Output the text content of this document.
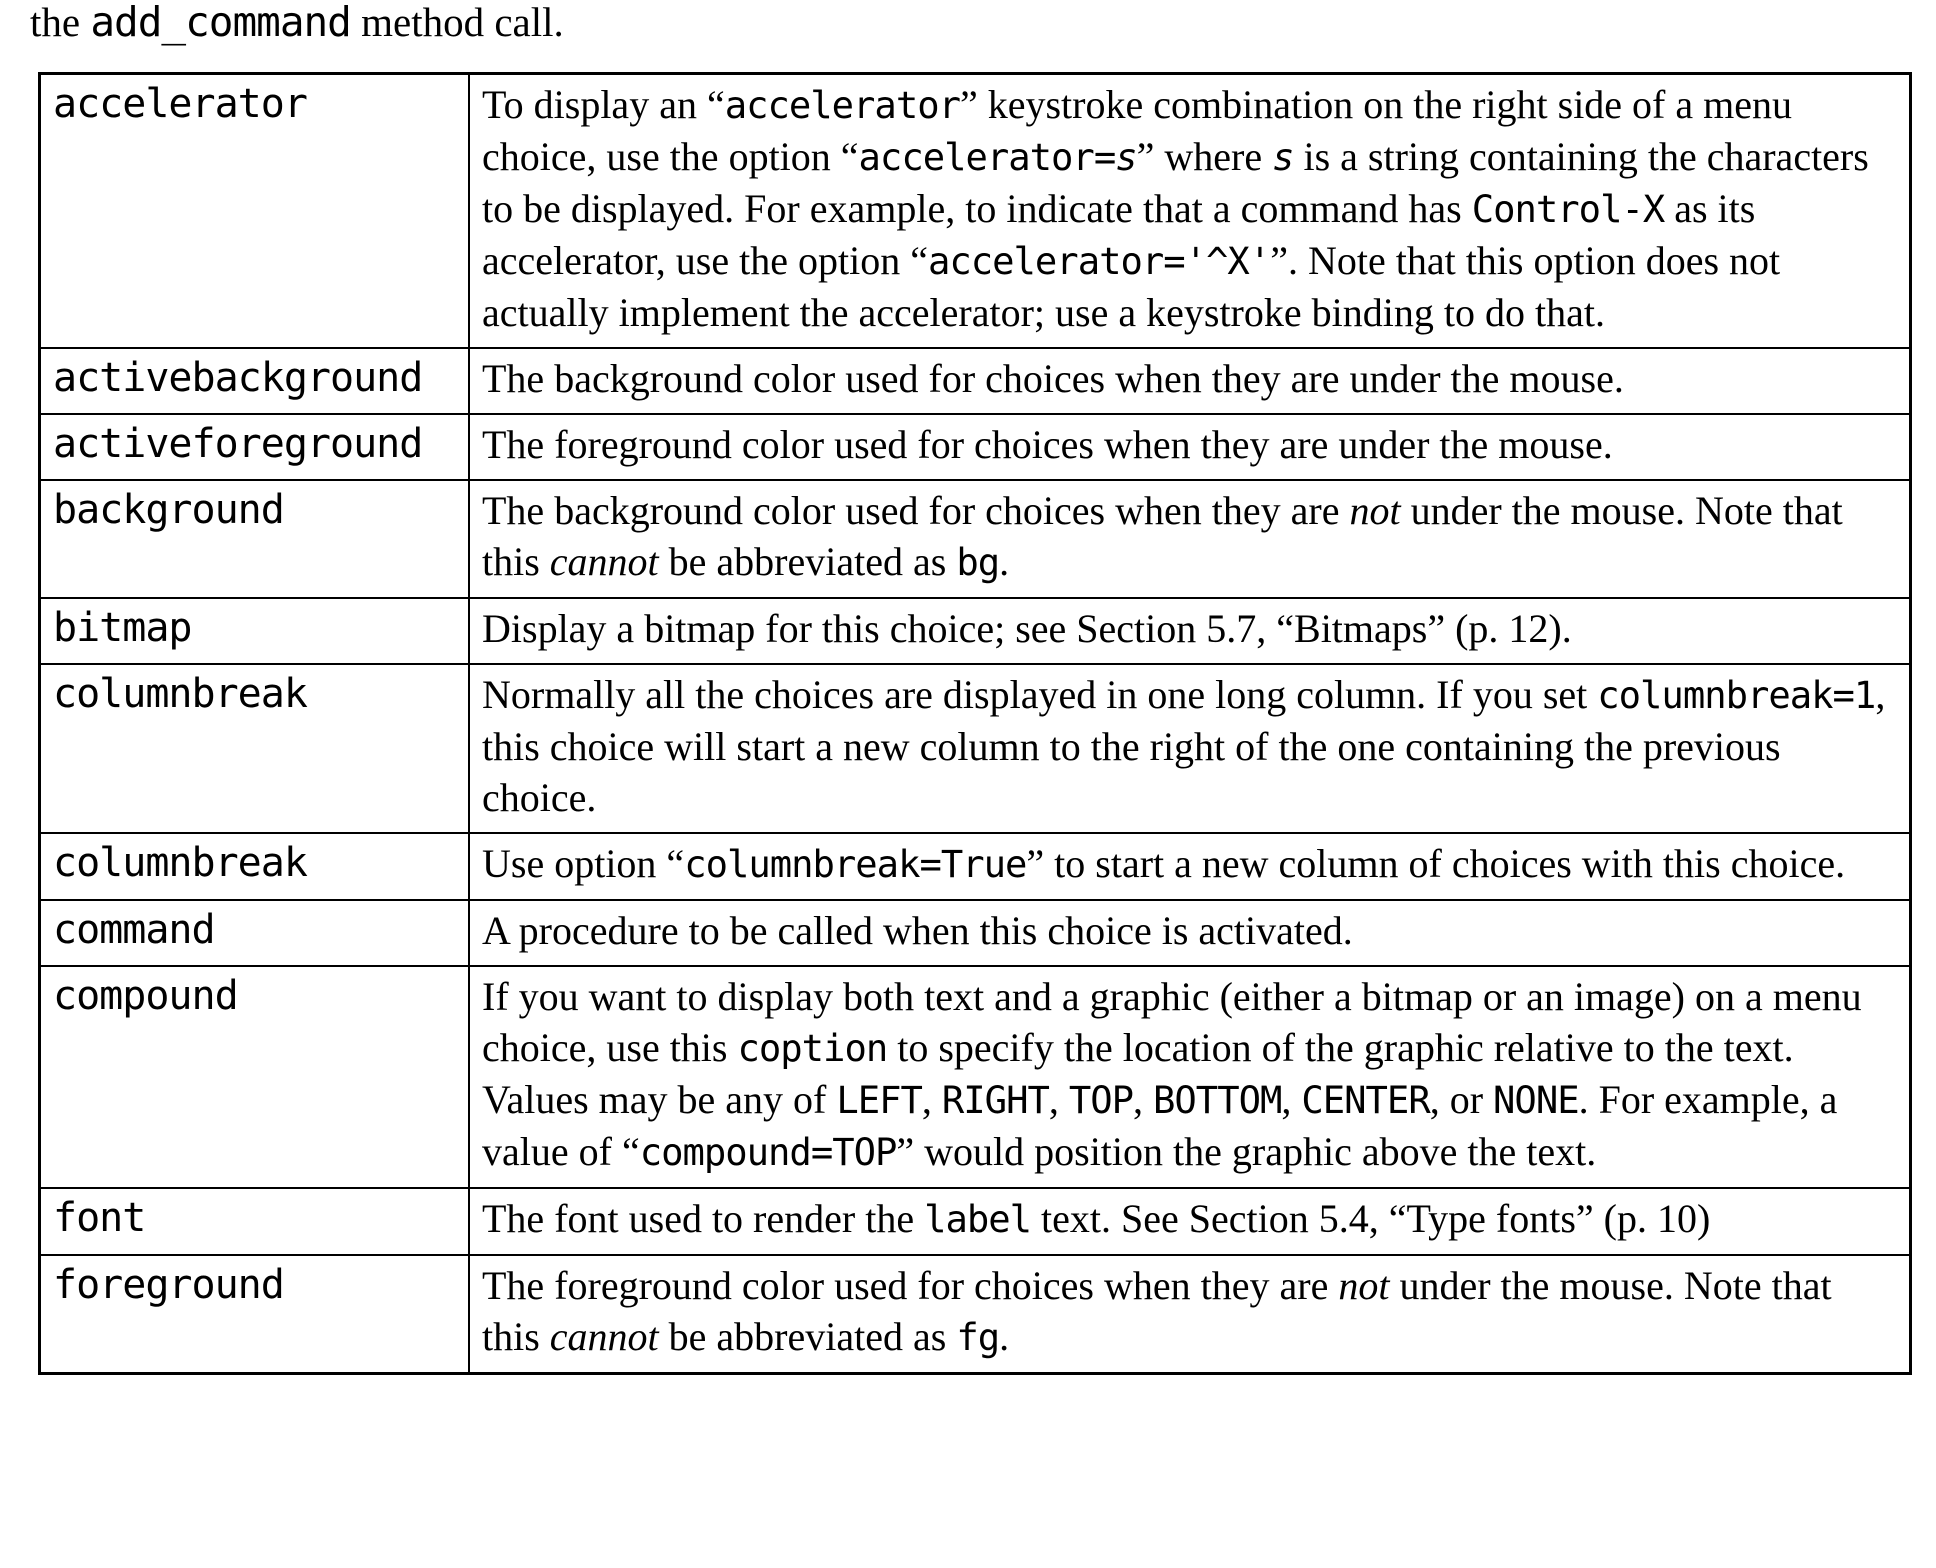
the add_command method call.

accelerator	To display an “accelerator” keystroke combination on the right side of a menu choice, use the option “accelerator=s” where s is a string containing the characters to be displayed. For example, to indicate that a command has Control-X as its accelerator, use the option “accelerator='^X'”. Note that this option does not actually implement the accelerator; use a keystroke binding to do that.
activebackground	The background color used for choices when they are under the mouse.
activeforeground	The foreground color used for choices when they are under the mouse.
background	The background color used for choices when they are not under the mouse. Note that this cannot be abbreviated as bg.
bitmap	Display a bitmap for this choice; see Section 5.7, “Bitmaps” (p. 12).
columnbreak	Normally all the choices are displayed in one long column. If you set columnbreak=1, this choice will start a new column to the right of the one containing the previous choice.
columnbreak	Use option “columnbreak=True” to start a new column of choices with this choice.
command	A procedure to be called when this choice is activated.
compound	If you want to display both text and a graphic (either a bitmap or an image) on a menu choice, use this coption to specify the location of the graphic relative to the text. Values may be any of LEFT, RIGHT, TOP, BOTTOM, CENTER, or NONE. For example, a value of “compound=TOP” would position the graphic above the text.
font	The font used to render the label text. See Section 5.4, “Type fonts” (p. 10)
foreground	The foreground color used for choices when they are not under the mouse. Note that this cannot be abbreviated as fg.
